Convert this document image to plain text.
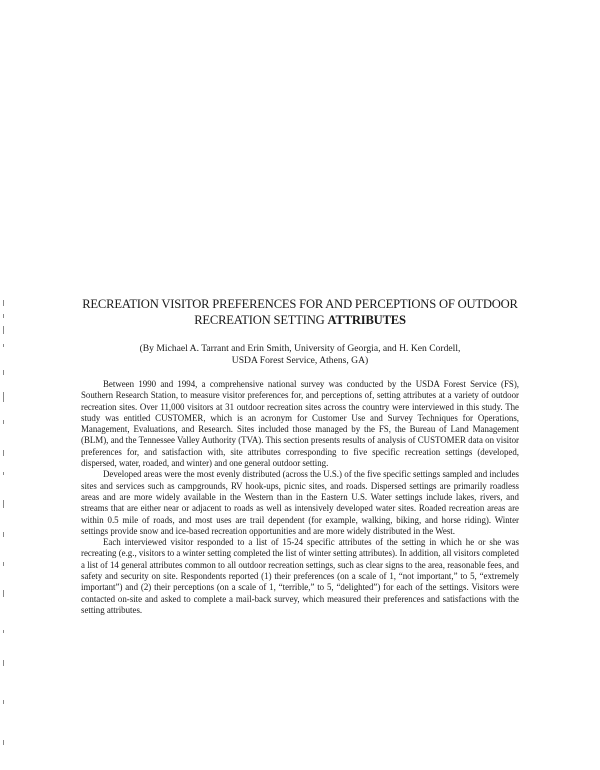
RECREATION VISITOR PREFERENCES FOR AND PERCEPTIONS OF OUTDOOR
RECREATION SETTING ATTRIBUTES
(By Michael A. Tarrant and Erin Smith, University of Georgia, and H. Ken Cordell,
USDA Forest Service, Athens, GA)

Between 1990 and 1994, a comprehensive national survey was conducted by the USDA Forest Service (FS), Southern Research Station, to measure visitor preferences for, and perceptions of, setting attributes at a variety of outdoor recreation sites. Over 11,000 visitors at 31 outdoor recreation sites across the country were interviewed in this study. The study was entitled CUSTOMER, which is an acronym for Customer Use and Survey Techniques for Operations, Management, Evaluations, and Research. Sites included those managed by the FS, the Bureau of Land Management (BLM), and the Tennessee Valley Authority (TVA). This section presents results of analysis of CUSTOMER data on visitor preferences for, and satisfaction with, site attributes corresponding to five specific recreation settings (developed, dispersed, water, roaded, and winter) and one general outdoor setting.

Developed areas were the most evenly distributed (across the U.S.) of the five specific settings sampled and includes sites and services such as campgrounds, RV hook-ups, picnic sites, and roads. Dispersed settings are primarily roadless areas and are more widely available in the Western than in the Eastern U.S. Water settings include lakes, rivers, and streams that are either near or adjacent to roads as well as intensively developed water sites. Roaded recreation areas are within 0.5 mile of roads, and most uses are trail dependent (for example, walking, biking, and horse riding). Winter settings provide snow and ice-based recreation opportunities and are more widely distributed in the West.

Each interviewed visitor responded to a list of 15-24 specific attributes of the setting in which he or she was recreating (e.g., visitors to a winter setting completed the list of winter setting attributes). In addition, all visitors completed a list of 14 general attributes common to all outdoor recreation settings, such as clear signs to the area, reasonable fees, and safety and security on site. Respondents reported (1) their preferences (on a scale of 1, “not important,” to 5, “extremely important”) and (2) their perceptions (on a scale of 1, “terrible,” to 5, “delighted”) for each of the settings. Visitors were contacted on-site and asked to complete a mail-back survey, which measured their preferences and satisfactions with the setting attributes.
